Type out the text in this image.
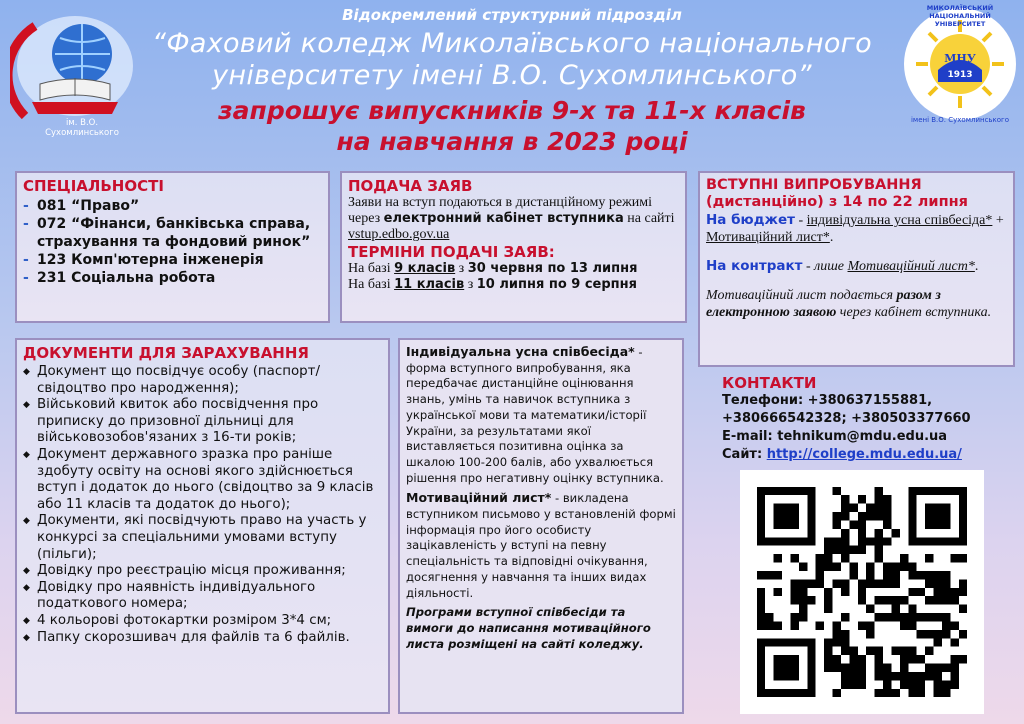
Відокремлений структурний підрозділ
“Фаховий коледж Миколаївського національного
університету імені В.О. Сухомлинського”
запрошує випускників 9-х та 11-х класів
на навчання в 2023 році
ім. В.О. Сухомлинського
МИКОЛАЇВСЬКИЙ НАЦІОНАЛЬНИЙ УНІВЕРСИТЕТ
МНУ
1913
імені В.О. Сухомлинського
СПЕЦІАЛЬНОСТІ
- 081 “Право”
- 072 “Фінанси, банківська справа, страхування та фондовий ринок”
- 123 Комп'ютерна інженерія
- 231 Соціальна робота
ПОДАЧА ЗАЯВ

Заяви на вступ подаються в дистанційному режимі через електронний кабінет вступника на сайті vstup.edbo.gov.ua

ТЕРМІНИ ПОДАЧІ ЗАЯВ:

На базі 9 класів з 30 червня по 13 липня

На базі 11 класів з 10 липня по 9 серпня

ВСТУПНІ ВИПРОБУВАННЯ (дистанційно) з 14 по 22 липня

На бюджет - індивідуальна усна співбесіда* + Мотиваційний лист*.

На контракт - лише Мотиваційний лист*.

Мотиваційний лист подається разом з електронною заявою через кабінет вступника.

ДОКУМЕНТИ ДЛЯ ЗАРАХУВАННЯ
◆ Документ що посвідчує особу (паспорт/свідоцтво про народження);
◆ Військовий квиток або посвідчення про приписку до призовної дільниці для військовозобов'язаних з 16-ти років;
◆ Документ державного зразка про раніше здобуту освіту на основі якого здійснюється вступ і додаток до нього (свідоцтво за 9 класів або 11 класів та додаток до нього);
◆ Документи, які посвідчують право на участь у конкурсі за спеціальними умовами вступу (пільги);
◆ Довідку про реєстрацію місця проживання;
◆ Довідку про наявність індивідуального податкового номера;
◆ 4 кольорові фотокартки розміром 3*4 см;
◆ Папку скорозшивач для файлів та 6 файлів.

Індивідуальна усна співбесіда* - форма вступного випробування, яка передбачає дистанційне оцінювання знань, умінь та навичок вступника з української мови та математики/історії України, за результатами якої виставляється позитивна оцінка за шкалою 100-200 балів, або ухвалюється рішення про негативну оцінку вступника.

Мотиваційний лист* - викладена вступником письмово у встановленій формі інформація про його особисту зацікавленість у вступі на певну спеціальність та відповідні очікування, досягнення у навчання та інших видах діяльності.

Програми вступної співбесіди та вимоги до написання мотиваційного листа розміщені на сайті коледжу.

КОНТАКТИ

Телефони: +380637155881,

+380666542328; +380503377660

E-mail: tehnikum@mdu.edu.ua

Сайт: http://college.mdu.edu.ua/
